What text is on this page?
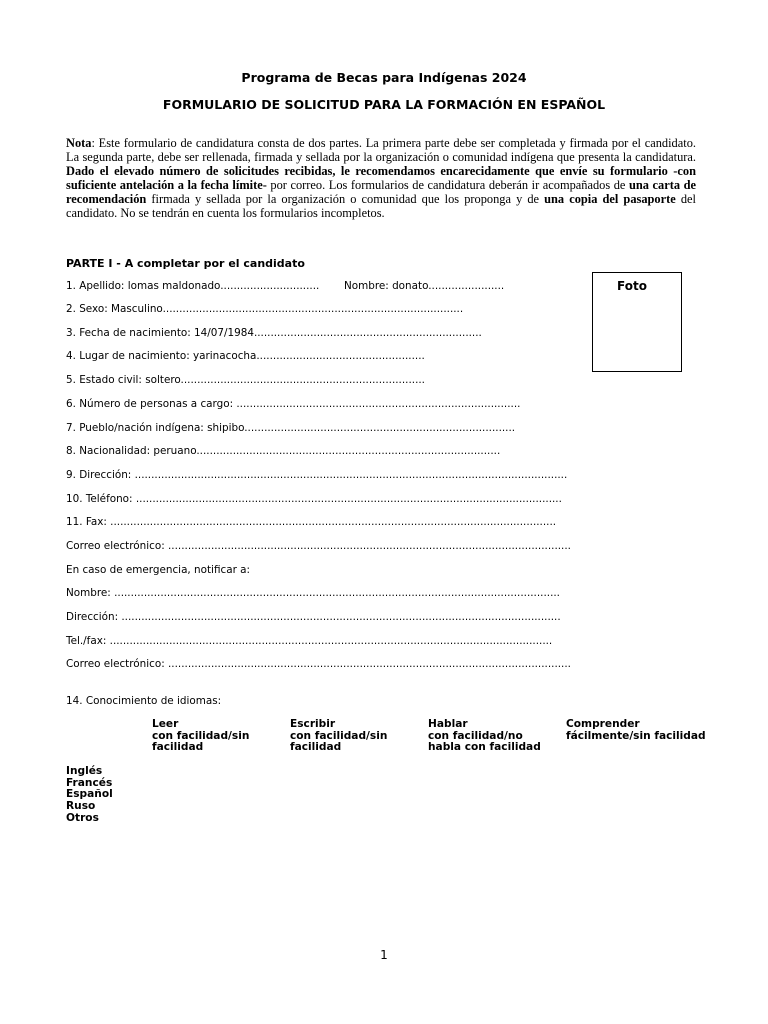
Programa de Becas para Indígenas 2024
FORMULARIO DE SOLICITUD PARA LA FORMACIÓN EN ESPAÑOL
Nota: Este formulario de candidatura consta de dos partes. La primera parte debe ser completada y firmada por el candidato. La segunda parte, debe ser rellenada, firmada y sellada por la organización o comunidad indígena que presenta la candidatura. Dado el elevado número de solicitudes recibidas, le recomendamos encarecidamente que envíe su formulario -con suficiente antelación a la fecha límite- por correo. Los formularios de candidatura deberán ir acompañados de una carta de recomendación firmada y sellada por la organización o comunidad que los proponga y de una copia del pasaporte del candidato. No se tendrán en cuenta los formularios incompletos.
PARTE I - A completar por el candidato
Foto
1. Apellido: lomas maldonado.............................. Nombre: donato.......................
2. Sexo: Masculino...........................................................................................
3. Fecha de nacimiento: 14/07/1984.....................................................................
4. Lugar de nacimiento: yarinacocha...................................................
5. Estado civil: soltero..........................................................................
6. Número de personas a cargo: ......................................................................................
7. Pueblo/nación indígena: shipibo..................................................................................
8. Nacionalidad: peruano............................................................................................
9. Dirección: ...................................................................................................................................
10. Teléfono: .................................................................................................................................
11. Fax: .......................................................................................................................................
Correo electrónico: ..........................................................................................................................
En caso de emergencia, notificar a:
Nombre: .......................................................................................................................................
Dirección: .....................................................................................................................................
Tel./fax: ......................................................................................................................................
Correo electrónico: ..........................................................................................................................
14. Conocimiento de idiomas:
Leer
con facilidad/sin
facilidad
Escribir
con facilidad/sin
facilidad
Hablar
con facilidad/no
habla con facilidad
Comprender
fácilmente/sin facilidad
Inglés
Francés
Español
Ruso
Otros
1
